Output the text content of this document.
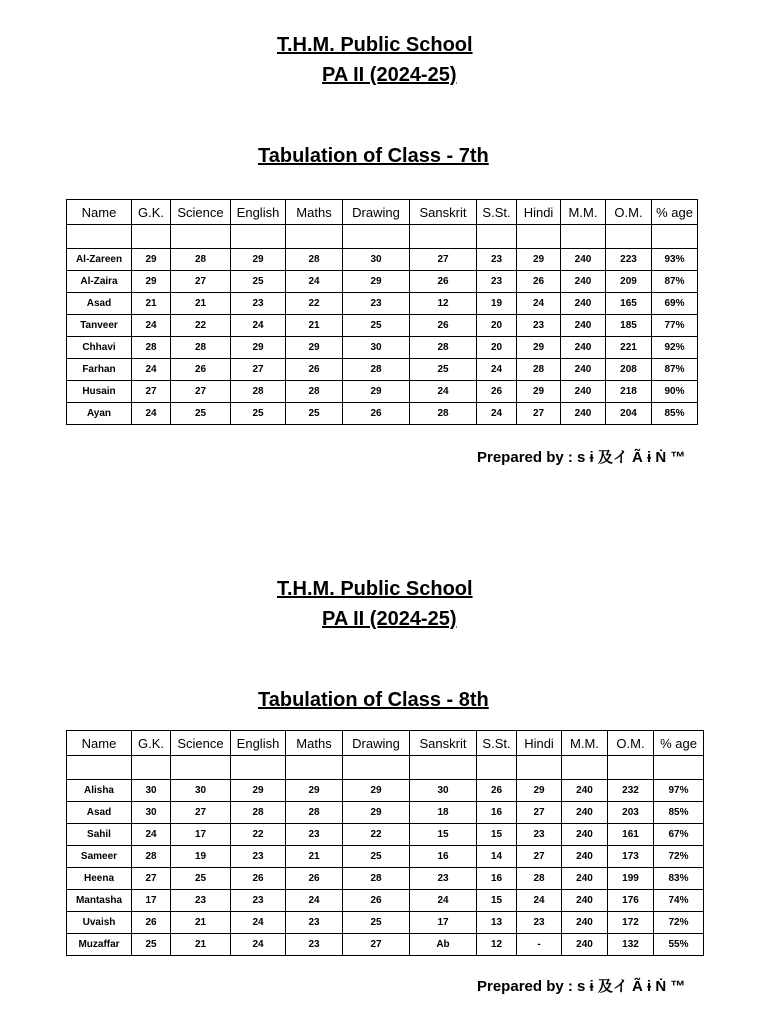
T.H.M. Public School
PA II (2024-25)
Tabulation of Class - 7th
Name	G.K.	Science	English	Maths	Drawing	Sanskrit	S.St.	Hindi	M.M.	O.M.	% age

Al-Zareen	29	28	29	28	30	27	23	29	240	223	93%
Al-Zaira	29	27	25	24	29	26	23	26	240	209	87%
Asad	21	21	23	22	23	12	19	24	240	165	69%
Tanveer	24	22	24	21	25	26	20	23	240	185	77%
Chhavi	28	28	29	29	30	28	20	29	240	221	92%
Farhan	24	26	27	26	28	25	24	28	240	208	87%
Husain	27	27	28	28	29	24	26	29	240	218	90%
Ayan	24	25	25	25	26	28	24	27	240	204	85%
Prepared by : s ɨ 及イ Ã ɨ Ṅ ™
T.H.M. Public School
PA II (2024-25)
Tabulation of Class - 8th
Name	G.K.	Science	English	Maths	Drawing	Sanskrit	S.St.	Hindi	M.M.	O.M.	% age

Alisha	30	30	29	29	29	30	26	29	240	232	97%
Asad	30	27	28	28	29	18	16	27	240	203	85%
Sahil	24	17	22	23	22	15	15	23	240	161	67%
Sameer	28	19	23	21	25	16	14	27	240	173	72%
Heena	27	25	26	26	28	23	16	28	240	199	83%
Mantasha	17	23	23	24	26	24	15	24	240	176	74%
Uvaish	26	21	24	23	25	17	13	23	240	172	72%
Muzaffar	25	21	24	23	27	Ab	12	-	240	132	55%
Prepared by : s ɨ 及イ Ã ɨ Ṅ ™
